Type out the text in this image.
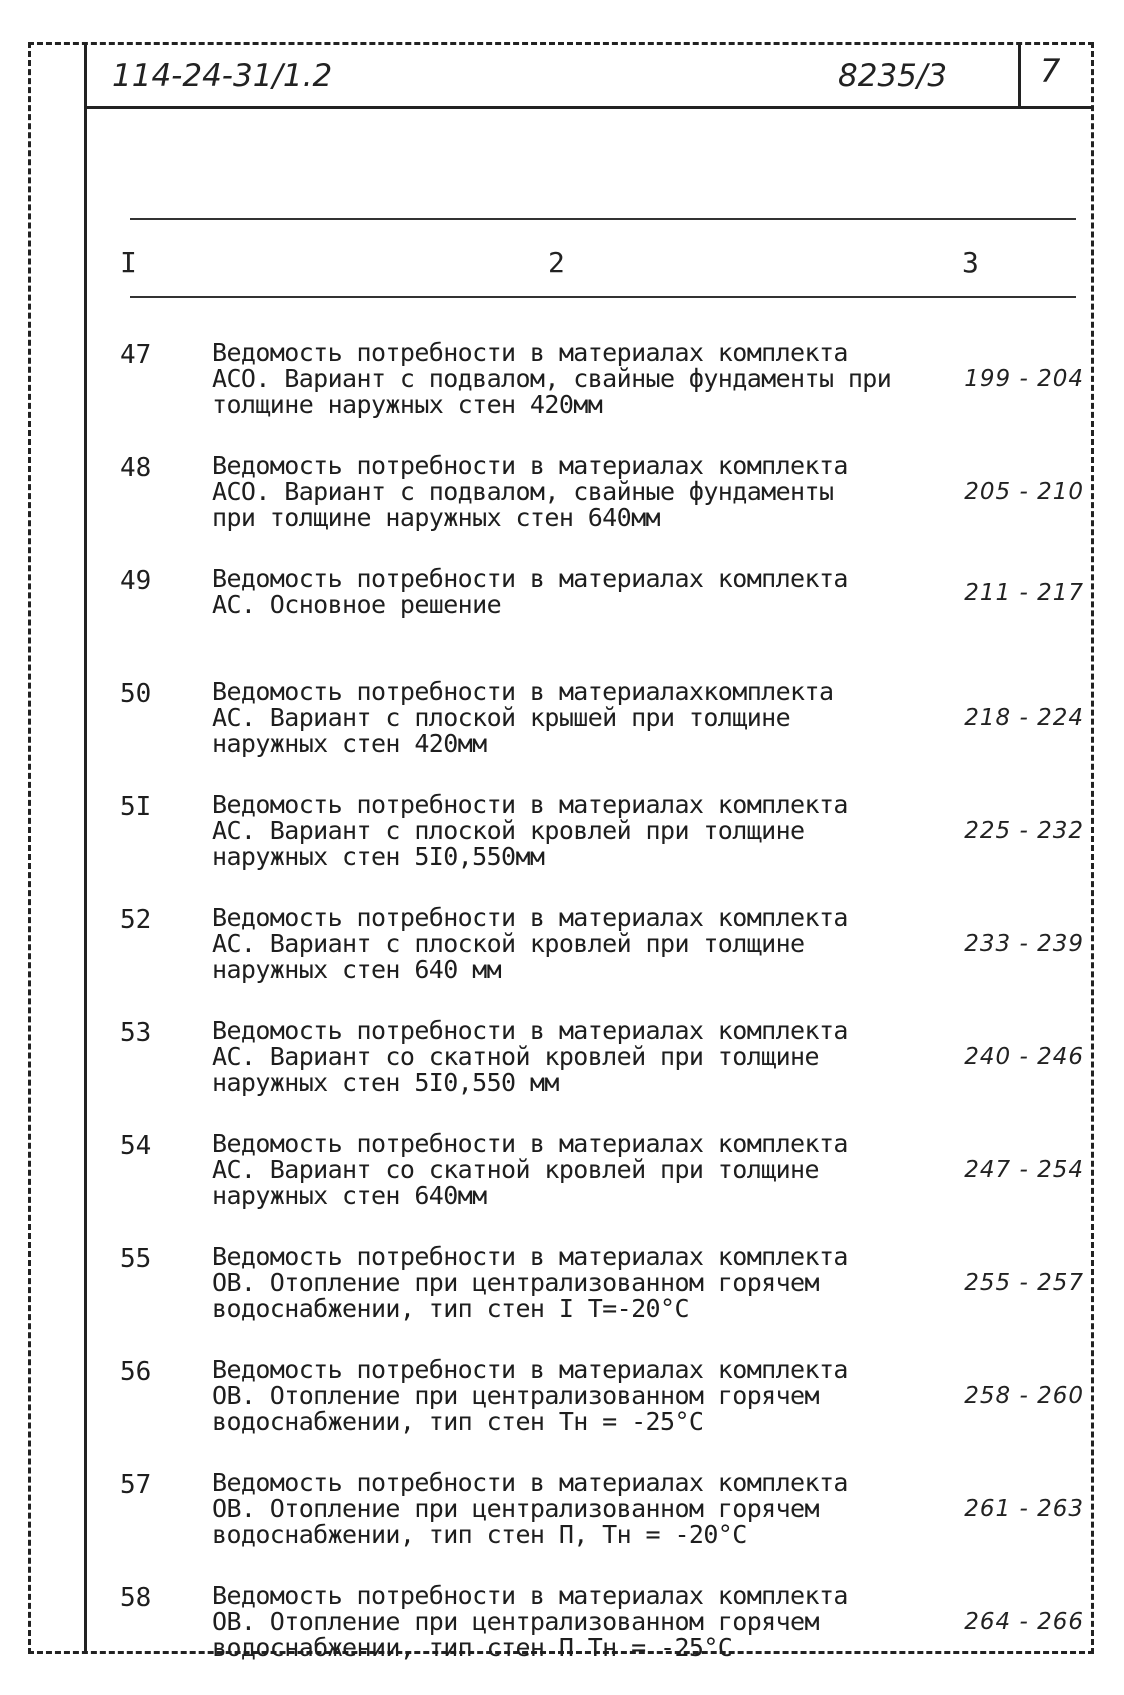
114-24-31/1.2	8235/3	7
I	2	3
47 Ведомость потребности в материалах комплекта
АСО. Вариант с подвалом, свайные фундаменты при
толщине наружных стен 420мм
199 - 204
48 Ведомость потребности в материалах комплекта
АСО. Вариант с подвалом, свайные фундаменты
при толщине наружных стен 640мм
205 - 210
49 Ведомость потребности в материалах комплекта
АС. Основное решение	211 - 217
50 Ведомость потребности в материалахкомплекта
АС. Вариант с плоской крышей при толщине
наружных стен 420мм
218 - 224
5I Ведомость потребности в материалах комплекта
АС. Вариант с плоской кровлей при толщине
наружных стен 5I0,550мм
225 - 232
52 Ведомость потребности в материалах комплекта
АС. Вариант с плоской кровлей при толщине
наружных стен 640 мм
233 - 239
53 Ведомость потребности в материалах комплекта
АС. Вариант со скатной кровлей при толщине
наружных стен 5I0,550 мм
240 - 246
54 Ведомость потребности в материалах комплекта
АС. Вариант со скатной кровлей при толщине
наружных стен 640мм
247 - 254
55 Ведомость потребности в материалах комплекта
ОВ. Отопление при централизованном горячем
водоснабжении, тип стен I T=-20°C
255 - 257
56 Ведомость потребности в материалах комплекта
ОВ. Отопление при централизованном горячем
водоснабжении, тип стен Tн = -25°C
258 - 260
57 Ведомость потребности в материалах комплекта
ОВ. Отопление при централизованном горячем
водоснабжении, тип стен П, Tн = -20°C
261 - 263
58 Ведомость потребности в материалах комплекта
ОВ. Отопление при централизованном горячем
водоснабжении, тип стен П Tн = -25°C
264 - 266
